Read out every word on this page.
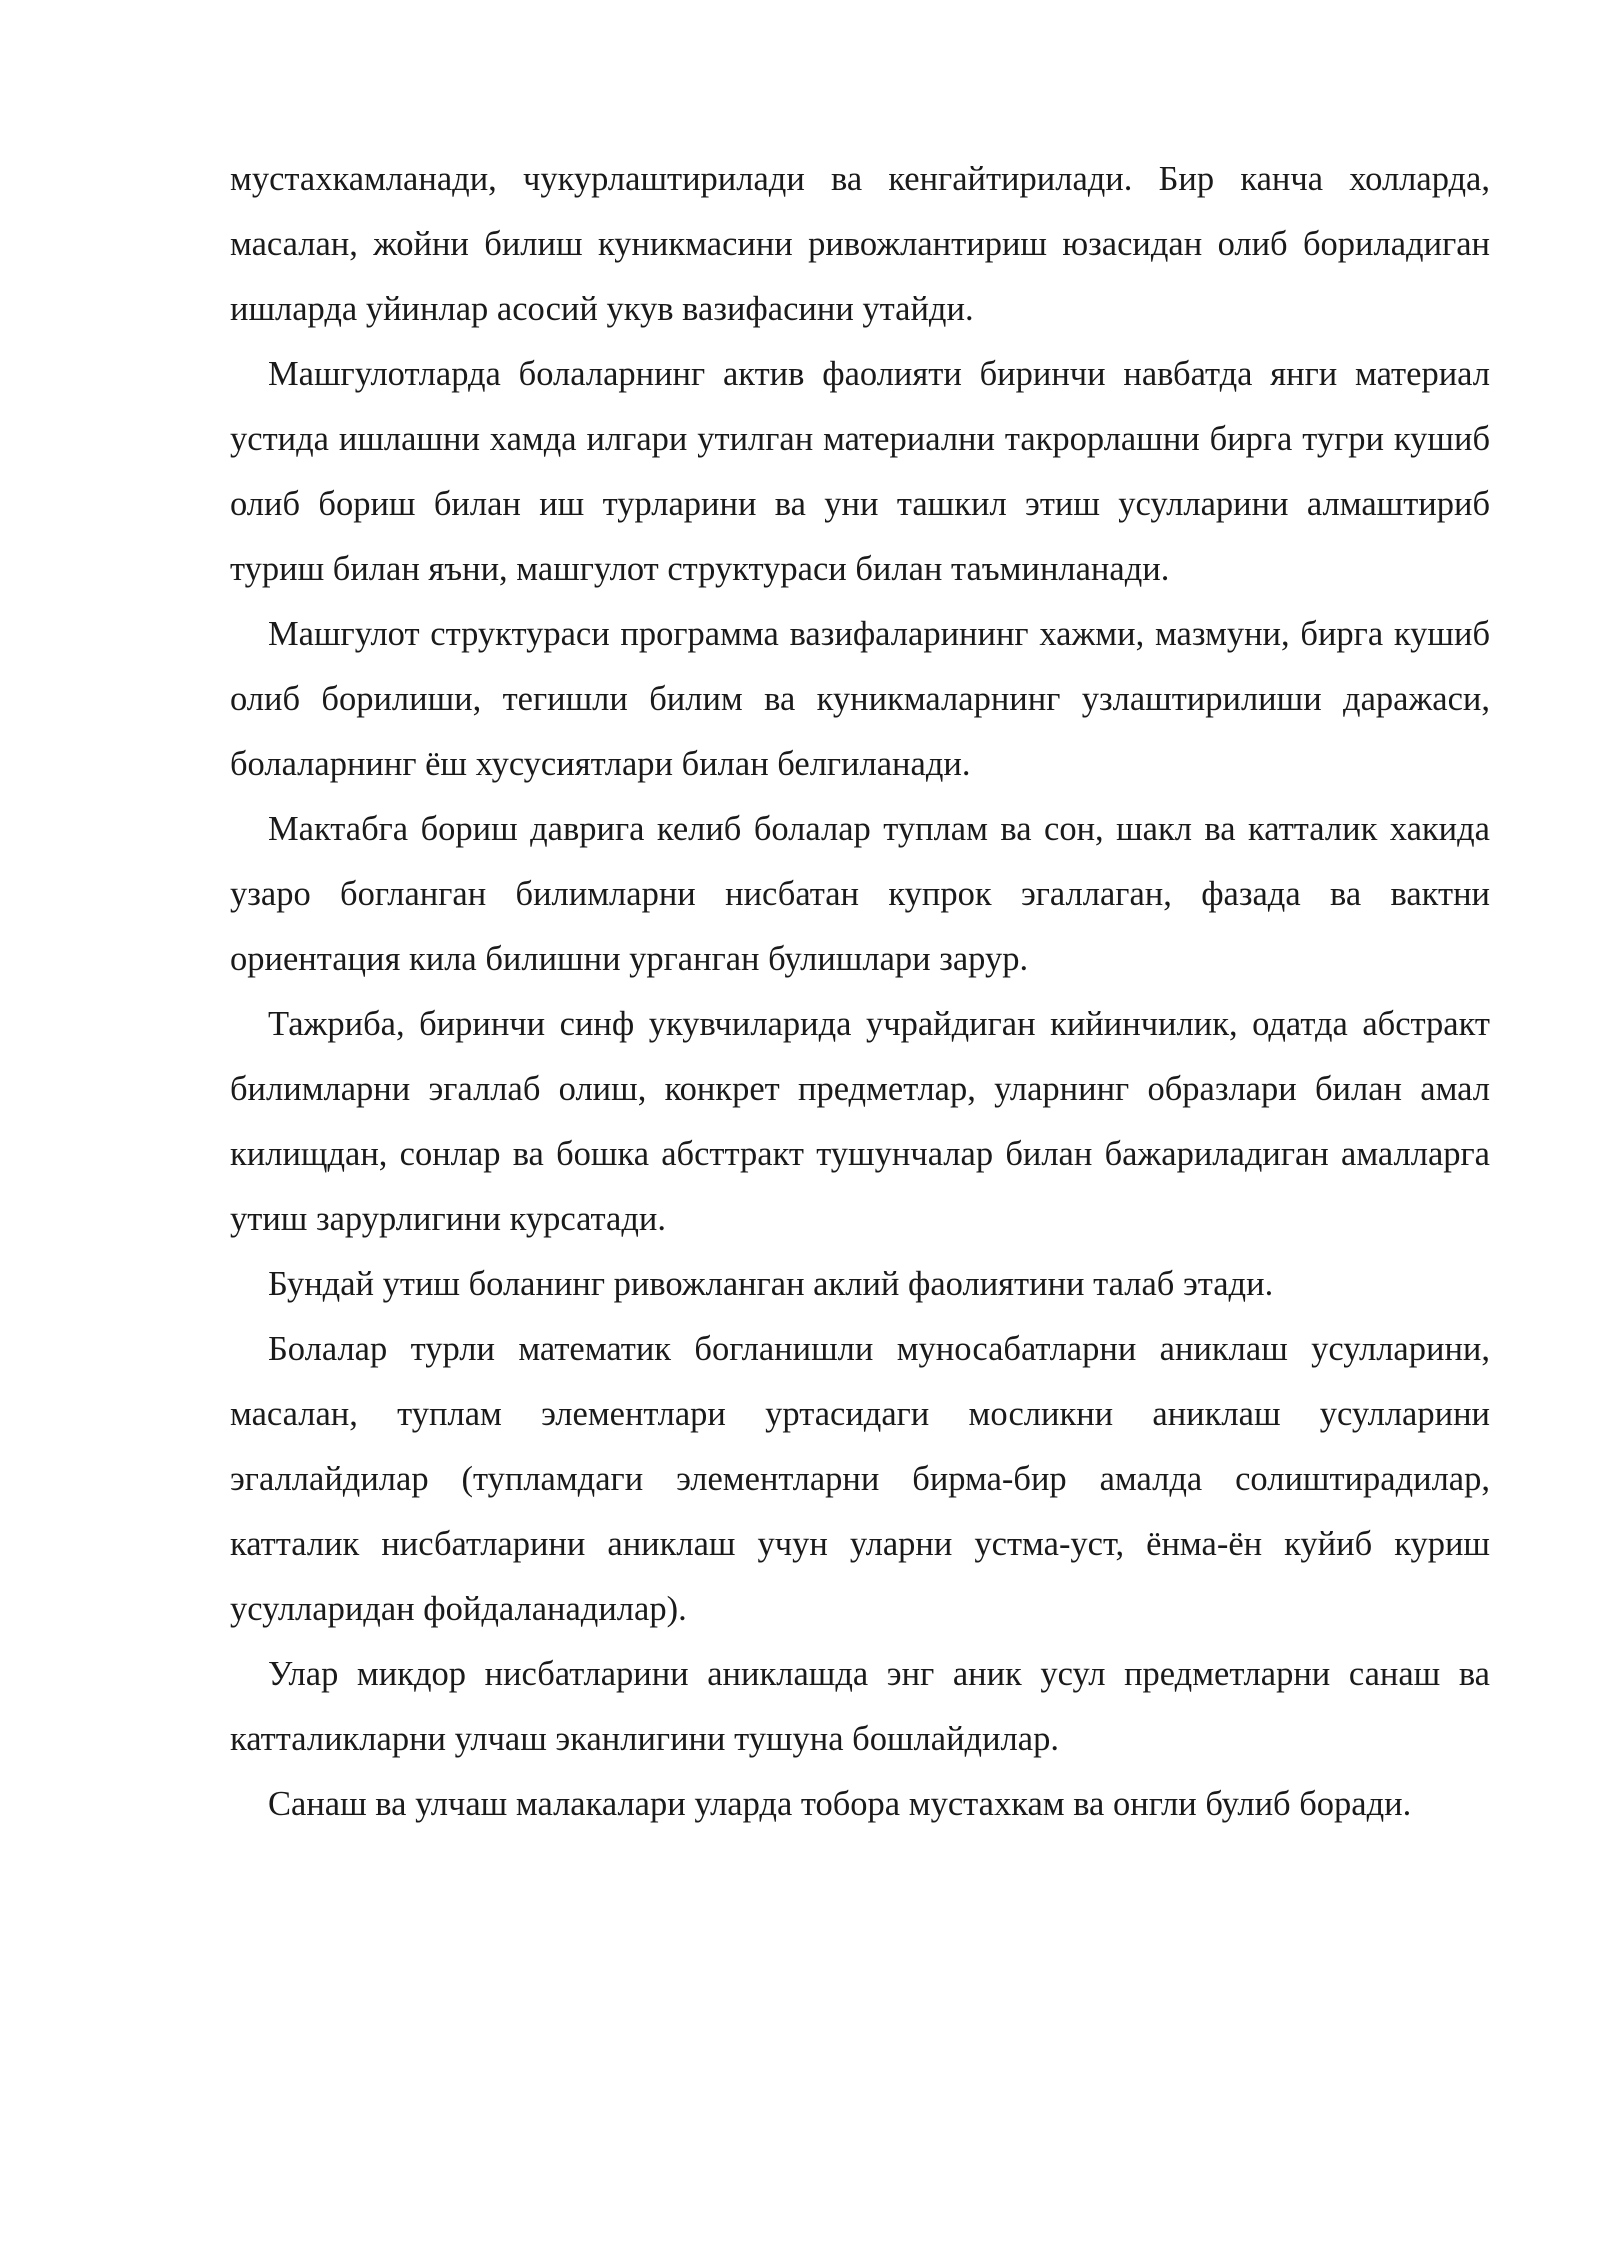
мустахкамланади, чукурлаштирилади ва кенгайтирилади. Бир канча холларда, масалан, жойни билиш куникмасини ривожлантириш юзасидан олиб бориладиган ишларда уйинлар асосий укув вазифасини утайди.

Машгулотларда болаларнинг актив фаолияти биринчи навбатда янги материал устида ишлашни хамда илгари утилган материални такрорлашни бирга тугри кушиб олиб бориш билан иш турларини ва уни ташкил этиш усулларини алмаштириб туриш билан яъни, машгулот структураси билан таъминланади.

Машгулот структураси программа вазифаларининг хажми, мазмуни, бирга кушиб олиб борилиши, тегишли билим ва куникмаларнинг узлаштирилиши даражаси, болаларнинг ёш хусусиятлари билан белгиланади.

Мактабга бориш даврига келиб болалар туплам ва сон, шакл ва катталик хакида узаро богланган билимларни нисбатан купрок эгаллаган, фазада ва вактни ориентация кила билишни урганган булишлари зарур.

Тажриба, биринчи синф укувчиларида учрайдиган кийинчилик, одатда абстракт билимларни эгаллаб олиш, конкрет предметлар, уларнинг образлари билан амал килищдан, сонлар ва бошка абсттракт тушунчалар билан бажариладиган амалларга утиш зарурлигини курсатади.

Бундай утиш боланинг ривожланган аклий фаолиятини талаб этади.

Болалар турли математик богланишли муносабатларни аниклаш усулларини, масалан, туплам элементлари уртасидаги мосликни аниклаш усулларини эгаллайдилар (тупламдаги элементларни бирма-бир амалда солиштирадилар, катталик нисбатларини аниклаш учун уларни устма-уст, ёнма-ён куйиб куриш усулларидан фойдаланадилар).

Улар микдор нисбатларини аниклашда энг аник усул предметларни санаш ва катталикларни улчаш эканлигини тушуна бошлайдилар.

Санаш ва улчаш малакалари уларда тобора мустахкам ва онгли булиб боради.
